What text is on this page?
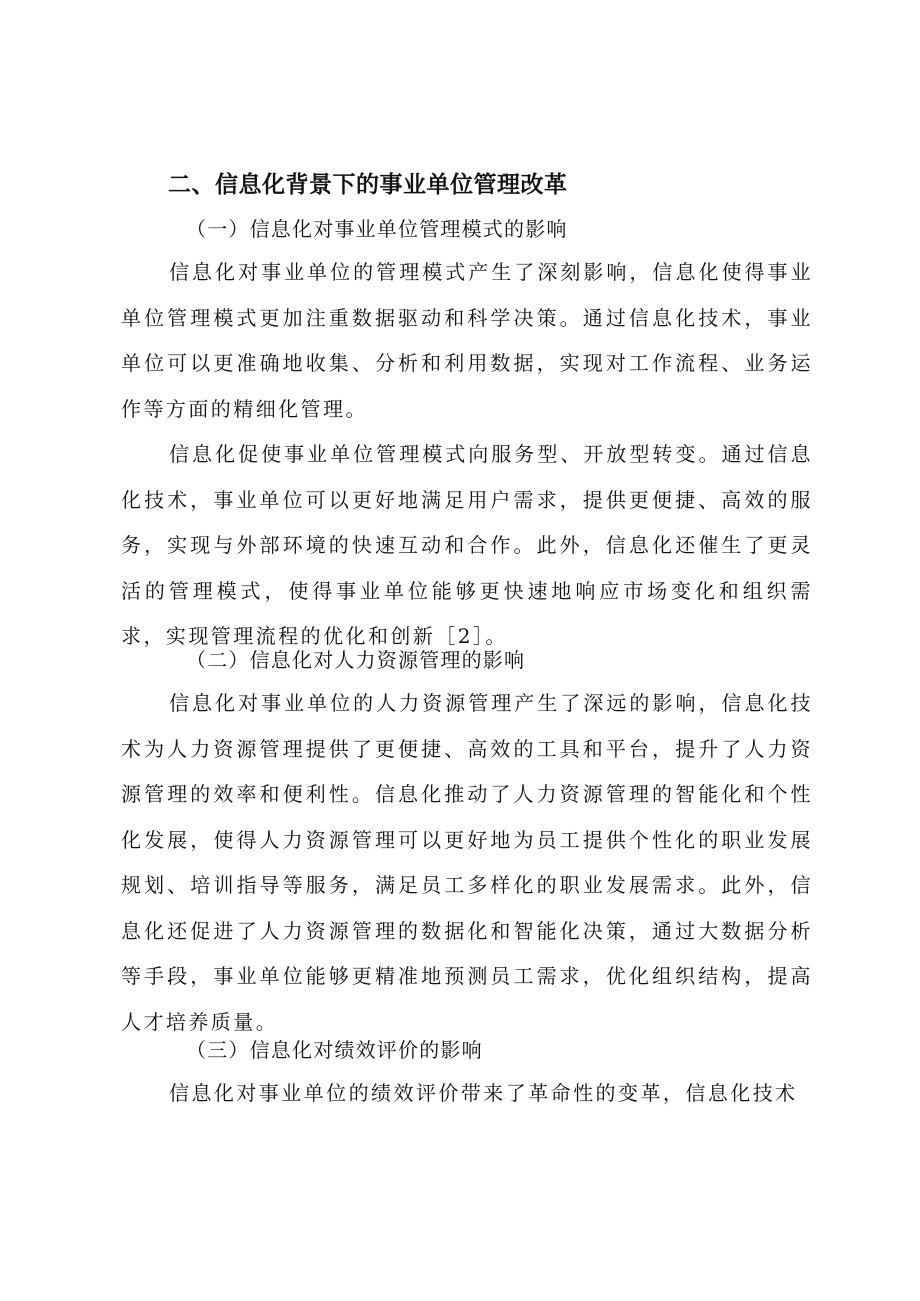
二、信息化背景下的事业单位管理改革
（一）信息化对事业单位管理模式的影响

信息化对事业单位的管理模式产生了深刻影响，信息化使得事业单位管理模式更加注重数据驱动和科学决策。通过信息化技术，事业单位可以更准确地收集、分析和利用数据，实现对工作流程、业务运作等方面的精细化管理。

信息化促使事业单位管理模式向服务型、开放型转变。通过信息化技术，事业单位可以更好地满足用户需求，提供更便捷、高效的服务，实现与外部环境的快速互动和合作。此外，信息化还催生了更灵活的管理模式，使得事业单位能够更快速地响应市场变化和组织需求，实现管理流程的优化和创新［2］。

（二）信息化对人力资源管理的影响

信息化对事业单位的人力资源管理产生了深远的影响，信息化技术为人力资源管理提供了更便捷、高效的工具和平台，提升了人力资源管理的效率和便利性。信息化推动了人力资源管理的智能化和个性化发展，使得人力资源管理可以更好地为员工提供个性化的职业发展规划、培训指导等服务，满足员工多样化的职业发展需求。此外，信息化还促进了人力资源管理的数据化和智能化决策，通过大数据分析等手段，事业单位能够更精准地预测员工需求，优化组织结构，提高人才培养质量。

（三）信息化对绩效评价的影响

信息化对事业单位的绩效评价带来了革命性的变革，信息化技术
